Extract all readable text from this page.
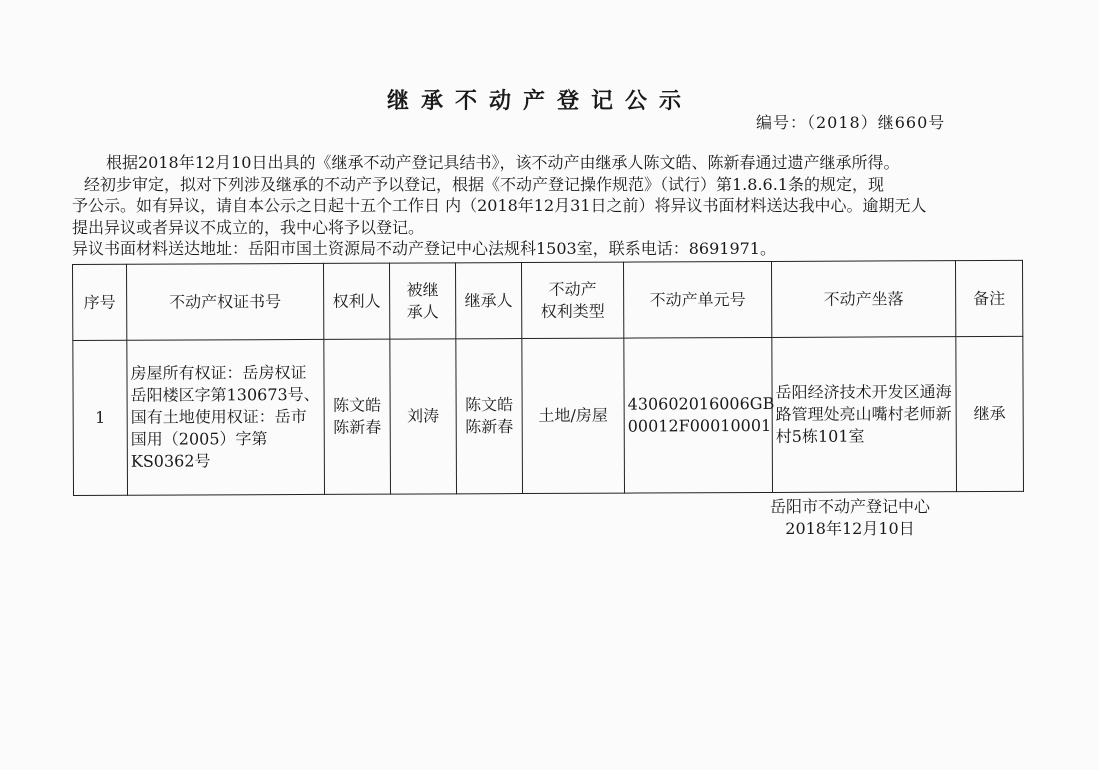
继承不动产登记公示
编号：（2018）继660号

根据2018年12月10日出具的《继承不动产登记具结书》，该不动产由继承人陈文皓、陈新春通过遗产继承所得。

经初步审定，拟对下列涉及继承的不动产予以登记，根据《不动产登记操作规范》（试行）第1.8.6.1条的规定，现

予公示。如有异议，请自本公示之日起十五个工作日 内（2018年12月31日之前）将异议书面材料送达我中心。逾期无人

提出异议或者异议不成立的，我中心将予以登记。

异议书面材料送达地址：岳阳市国土资源局不动产登记中心法规科1503室，联系电话：8691971。

序号	不动产权证书号	权利人	被继
承人	继承人	不动产
权利类型	不动产单元号	不动产坐落	备注
1	房屋所有权证：岳房权证岳阳楼区字第130673号、国有土地使用权证：岳市国用（2005）字第KS0362号	陈文皓
陈新春	刘涛	陈文皓
陈新春	土地/房屋	430602016006GB
00012F00010001	岳阳经济技术开发区通海路管理处亮山嘴村老师新村5栋101室	继承
岳阳市不动产登记中心
2018年12月10日
